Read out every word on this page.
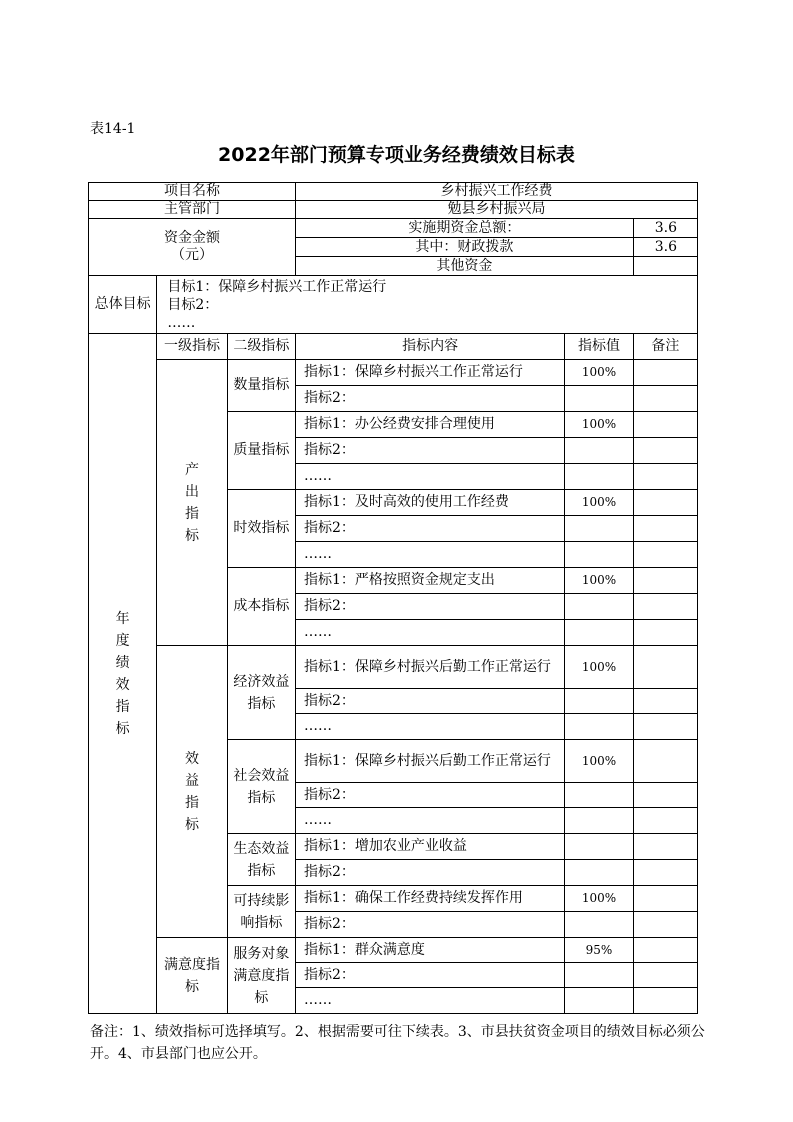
表14-1
2022年部门预算专项业务经费绩效目标表
项目名称			乡村振兴工作经费		
主管部门			勉县乡村振兴局		

资金金额
（元）			实施期资金总额：		3.6
			其中：财政拨款		3.6
			其他资金		
总体目标	目标1：保障乡村振兴工作正常运行
目标2：
……				

年度绩效指标	一级指标	二级指标	指标内容	指标值	备注
	产出指标	数量指标	指标1：保障乡村振兴工作正常运行	100%	
			指标2：		
		质量指标	指标1：办公经费安排合理使用	100%	
			指标2：		
			……		
		时效指标	指标1：及时高效的使用工作经费	100%	
			指标2：		
			……		
		成本指标	指标1：严格按照资金规定支出	100%	
			指标2：		
			……		
	效益指标	经济效益指标	指标1：保障乡村振兴后勤工作正常运行	100%	
			指标2：		
			……		
		社会效益指标	指标1：保障乡村振兴后勤工作正常运行	100%	
			指标2：		
			……		
		生态效益指标	指标1：增加农业产业收益		
			指标2：		
		可持续影响指标	指标1：确保工作经费持续发挥作用	100%	
			指标2：		
	满意度指标	服务对象满意度指标	指标1：群众满意度	95%	
			指标2：		
			……		
备注：1、绩效指标可选择填写。2、根据需要可往下续表。3、市县扶贫资金项目的绩效目标必须公开。4、市县部门也应公开。
